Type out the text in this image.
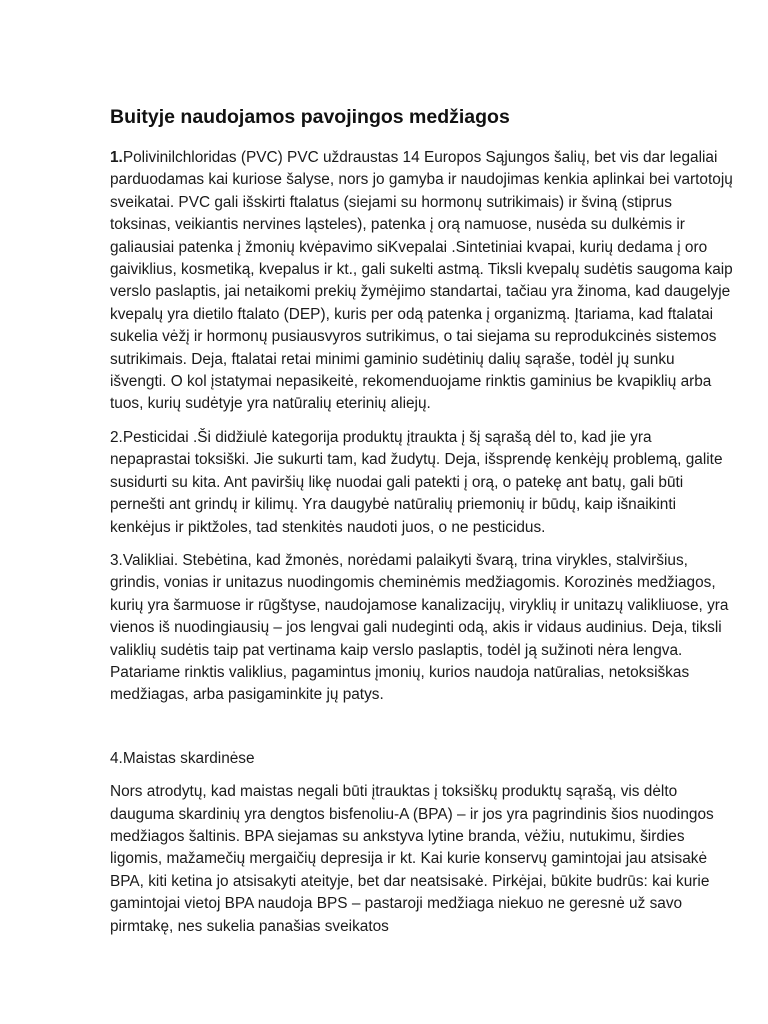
Buityje naudojamos pavojingos medžiagos

1.Polivinilchloridas (PVC) PVC uždraustas 14 Europos Sąjungos šalių, bet vis dar legaliai parduodamas kai kuriose šalyse, nors jo gamyba ir naudojimas kenkia aplinkai bei vartotojų sveikatai. PVC gali išskirti ftalatus (siejami su hormonų sutrikimais) ir šviną (stiprus toksinas, veikiantis nervines ląsteles), patenka į orą namuose, nusėda su dulkėmis ir galiausiai patenka į žmonių kvėpavimo siKvepalai .Sintetiniai kvapai, kurių dedama į oro gaiviklius, kosmetiką, kvepalus ir kt., gali sukelti astmą. Tiksli kvepalų sudėtis saugoma kaip verslo paslaptis, jai netaikomi prekių žymėjimo standartai, tačiau yra žinoma, kad daugelyje kvepalų yra dietilo ftalato (DEP), kuris per odą patenka į organizmą. Įtariama, kad ftalatai sukelia vėžį ir hormonų pusiausvyros sutrikimus, o tai siejama su reprodukcinės sistemos sutrikimais. Deja, ftalatai retai minimi gaminio sudėtinių dalių sąraše, todėl jų sunku išvengti. O kol įstatymai nepasikeitė, rekomenduojame rinktis gaminius be kvapiklių arba tuos, kurių sudėtyje yra natūralių eterinių aliejų.

2.Pesticidai .Ši didžiulė kategorija produktų įtraukta į šį sąrašą dėl to, kad jie yra nepaprastai toksiški. Jie sukurti tam, kad žudytų. Deja, išsprendę kenkėjų problemą, galite susidurti su kita. Ant paviršių likę nuodai gali patekti į orą, o patekę ant batų, gali būti pernešti ant grindų ir kilimų. Yra daugybė natūralių priemonių ir būdų, kaip išnaikinti kenkėjus ir piktžoles, tad stenkitės naudoti juos, o ne pesticidus.

3.Valikliai. Stebėtina, kad žmonės, norėdami palaikyti švarą, trina virykles, stalviršius, grindis, vonias ir unitazus nuodingomis cheminėmis medžiagomis. Korozinės medžiagos, kurių yra šarmuose ir rūgštyse, naudojamose kanalizacijų, viryklių ir unitazų valikliuose, yra vienos iš nuodingiausių – jos lengvai gali nudeginti odą, akis ir vidaus audinius. Deja, tiksli valiklių sudėtis taip pat vertinama kaip verslo paslaptis, todėl ją sužinoti nėra lengva. Patariame rinktis valiklius, pagamintus įmonių, kurios naudoja natūralias, netoksiškas medžiagas, arba pasigaminkite jų patys.

4.Maistas skardinėse

Nors atrodytų, kad maistas negali būti įtrauktas į toksiškų produktų sąrašą, vis dėlto dauguma skardinių yra dengtos bisfenoliu-A (BPA) – ir jos yra pagrindinis šios nuodingos medžiagos šaltinis. BPA siejamas su ankstyva lytine branda, vėžiu, nutukimu, širdies ligomis, mažamečių mergaičių depresija ir kt. Kai kurie konservų gamintojai jau atsisakė BPA, kiti ketina jo atsisakyti ateityje, bet dar neatsisakė. Pirkėjai, būkite budrūs: kai kurie gamintojai vietoj BPA naudoja BPS – pastaroji medžiaga niekuo ne geresnė už savo pirmtakę, nes sukelia panašias sveikatos
